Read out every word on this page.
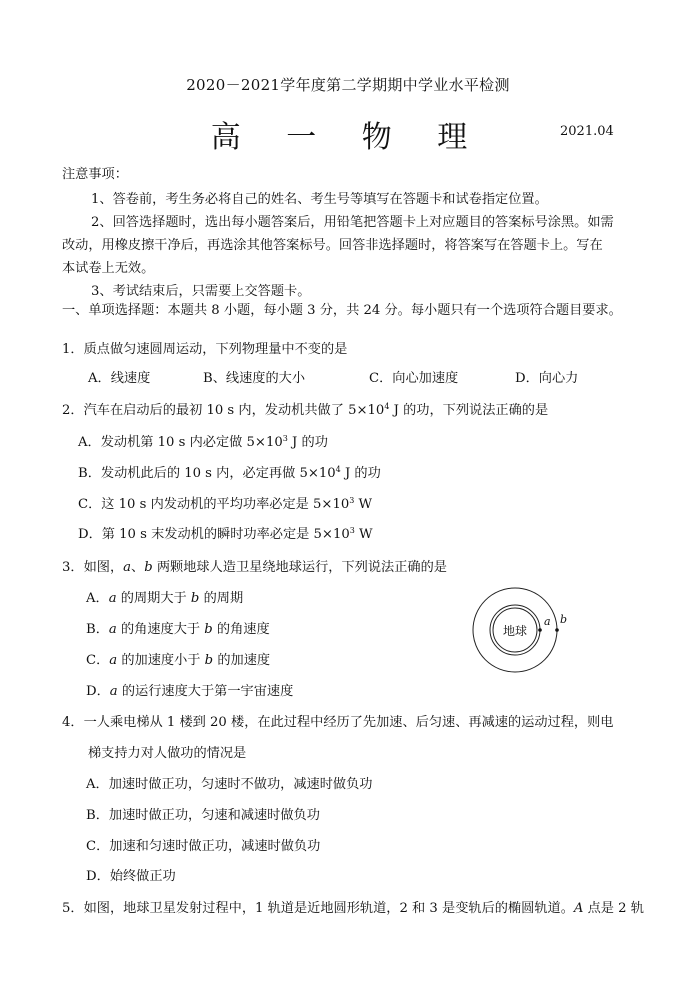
2020－2021学年度第二学期期中学业水平检测
高 一 物 理	2021.04
注意事项：
1、答卷前，考生务必将自己的姓名、考生号等填写在答题卡和试卷指定位置。
2、回答选择题时，选出每小题答案后，用铅笔把答题卡上对应题目的答案标号涂黑。如需
改动，用橡皮擦干净后，再选涂其他答案标号。回答非选择题时，将答案写在答题卡上。写在
本试卷上无效。
3、考试结束后，只需要上交答题卡。
一、单项选择题：本题共 8 小题，每小题 3 分，共 24 分。每小题只有一个选项符合题目要求。
1．质点做匀速圆周运动，下列物理量中不变的是
A．线速度	B、线速度的大小	C．向心加速度	D．向心力
2．汽车在启动后的最初 10 s 内，发动机共做了 $5\times 10^4$ J 的功，下列说法正确的是
A．发动机第 10 s 内必定做 $5\times 10^3$ J 的功
B．发动机此后的 10 s 内，必定再做 $5\times 10^4$ J 的功
C．这 10 s 内发动机的平均功率必定是 $5\times 10^3$ W
D．第 10 s 末发动机的瞬时功率必定是 $5\times 10^3$ W
3．如图，a、b 两颗地球人造卫星绕地球运行，下列说法正确的是
A．a 的周期大于 b 的周期
B．a 的角速度大于 b 的角速度
C．a 的加速度小于 b 的加速度
D．a 的运行速度大于第一宇宙速度
地球
a b
4．一人乘电梯从 1 楼到 20 楼，在此过程中经历了先加速、后匀速、再减速的运动过程，则电
梯支持力对人做功的情况是
A．加速时做正功，匀速时不做功，减速时做负功
B．加速时做正功，匀速和减速时做负功
C．加速和匀速时做正功，减速时做负功
D．始终做正功
5．如图，地球卫星发射过程中，1 轨道是近地圆形轨道，2 和 3 是变轨后的椭圆轨道。A 点是 2 轨
